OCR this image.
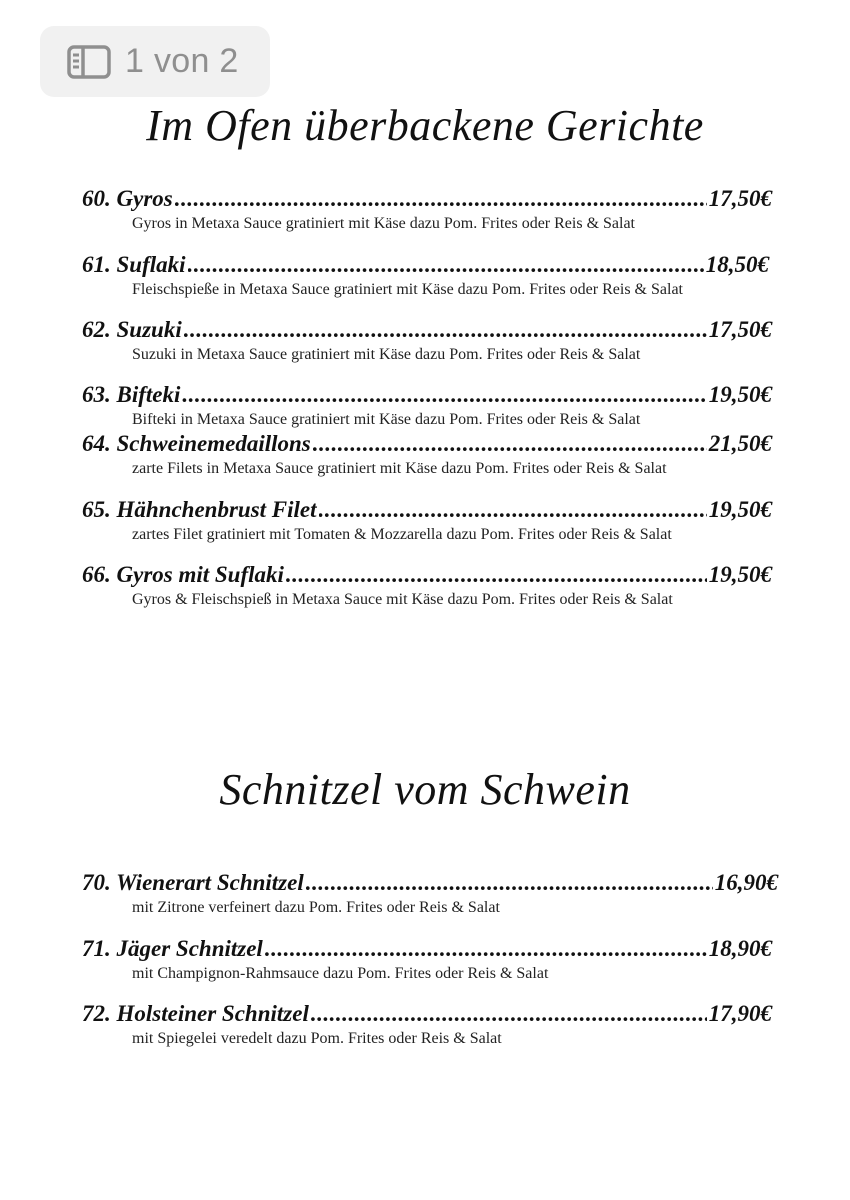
1 von 2
Im Ofen überbackene Gerichte
60. Gyros .....	17,50€
Gyros in Metaxa Sauce gratiniert mit Käse dazu Pom. Frites oder Reis & Salat
61. Suflaki .....	18,50€
Fleischspieße in Metaxa Sauce gratiniert mit Käse dazu Pom. Frites oder Reis & Salat
62. Suzuki .....	17,50€
Suzuki in Metaxa Sauce gratiniert mit Käse dazu Pom. Frites oder Reis & Salat
63. Bifteki .....	19,50€
Bifteki in Metaxa Sauce gratiniert mit Käse dazu Pom. Frites oder Reis & Salat
64. Schweinemedaillons .....	21,50€
zarte Filets in Metaxa Sauce gratiniert mit Käse dazu Pom. Frites oder Reis & Salat
65. Hähnchenbrust Filet .....	19,50€
zartes Filet gratiniert mit Tomaten & Mozzarella dazu Pom. Frites oder Reis & Salat
66. Gyros mit Suflaki .....	19,50€
Gyros & Fleischspieß in Metaxa Sauce mit Käse dazu Pom. Frites oder Reis & Salat
Schnitzel vom Schwein
70. Wienerart Schnitzel .....	16,90€
mit Zitrone verfeinert dazu Pom. Frites oder Reis & Salat
71. Jäger Schnitzel .....	18,90€
mit Champignon-Rahmsauce dazu Pom. Frites oder Reis & Salat
72. Holsteiner Schnitzel .....	17,90€
mit Spiegelei veredelt dazu Pom. Frites oder Reis & Salat
